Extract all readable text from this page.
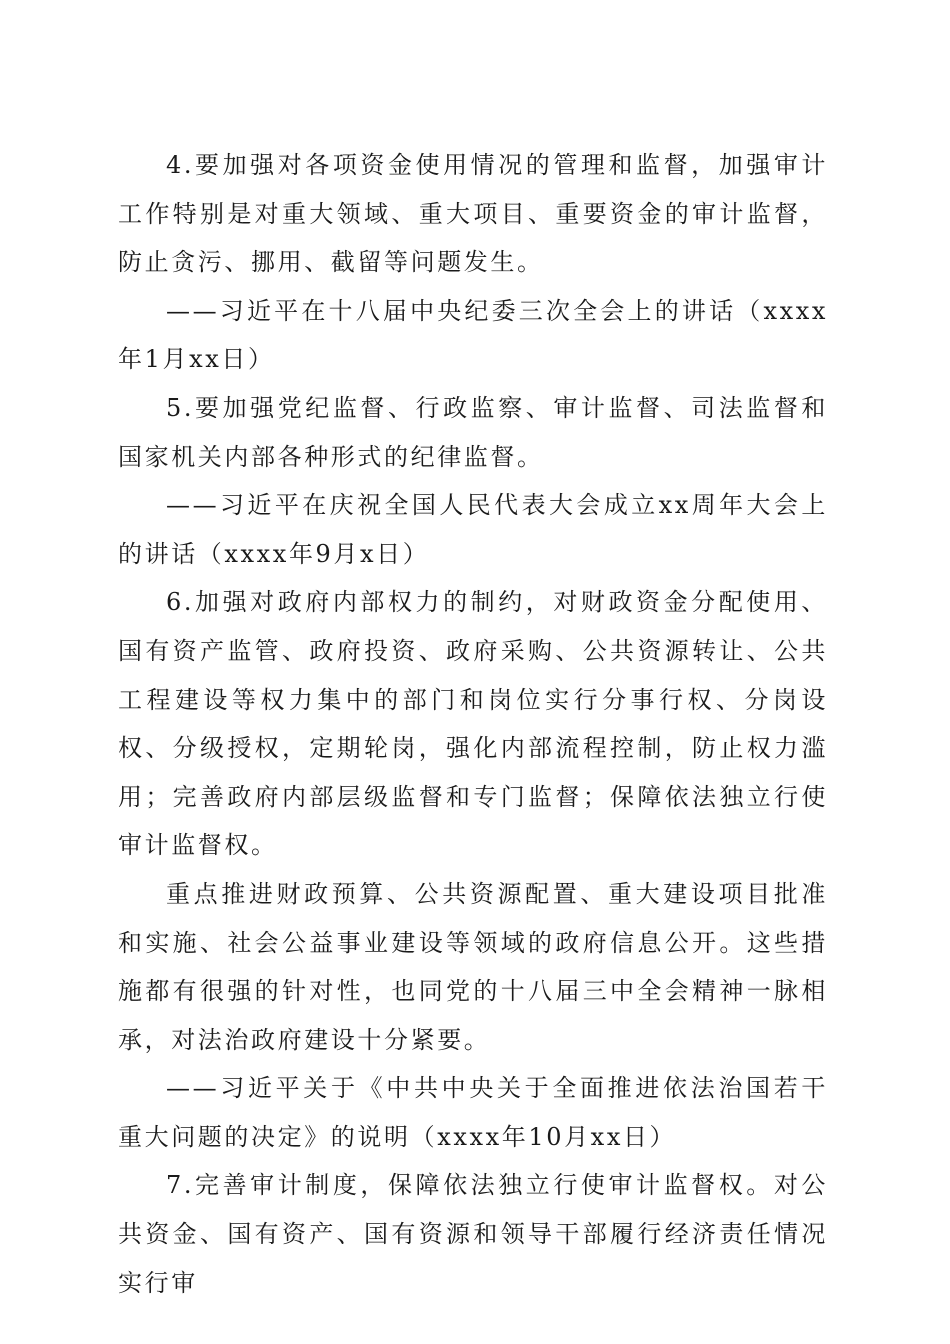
4.要加强对各项资金使用情况的管理和监督，加强审计工作特别是对重大领域、重大项目、重要资金的审计监督，防止贪污、挪用、截留等问题发生。

——习近平在十八届中央纪委三次全会上的讲话（xxxx年1月xx日）

5.要加强党纪监督、行政监察、审计监督、司法监督和国家机关内部各种形式的纪律监督。

——习近平在庆祝全国人民代表大会成立xx周年大会上的讲话（xxxx年9月x日）

6.加强对政府内部权力的制约，对财政资金分配使用、国有资产监管、政府投资、政府采购、公共资源转让、公共工程建设等权力集中的部门和岗位实行分事行权、分岗设权、分级授权，定期轮岗，强化内部流程控制，防止权力滥用；完善政府内部层级监督和专门监督；保障依法独立行使审计监督权。

重点推进财政预算、公共资源配置、重大建设项目批准和实施、社会公益事业建设等领域的政府信息公开。这些措施都有很强的针对性，也同党的十八届三中全会精神一脉相承，对法治政府建设十分紧要。

——习近平关于《中共中央关于全面推进依法治国若干重大问题的决定》的说明（xxxx年10月xx日）

7.完善审计制度，保障依法独立行使审计监督权。对公共资金、国有资产、国有资源和领导干部履行经济责任情况实行审
